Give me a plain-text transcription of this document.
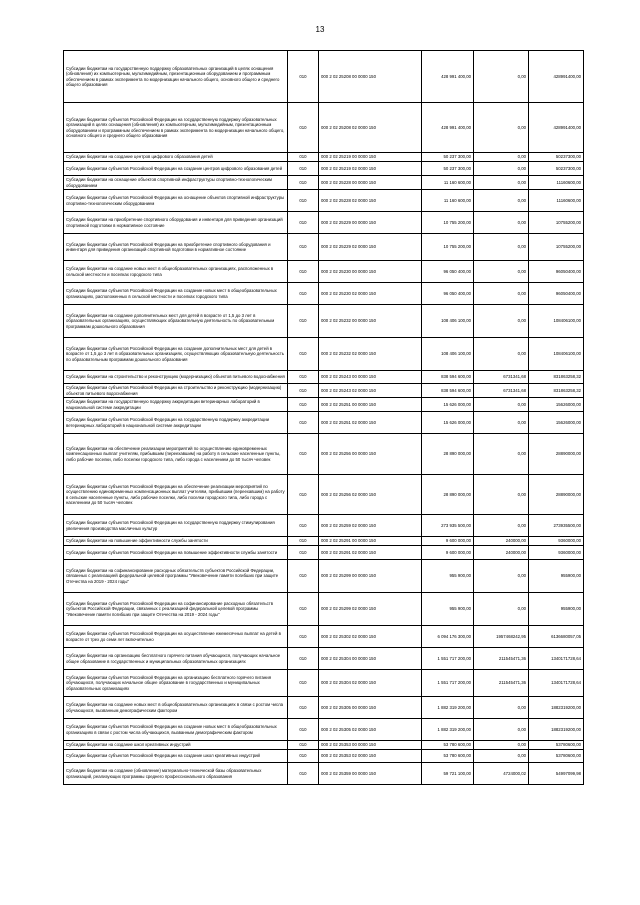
13
Субсидии бюджетам на государственную поддержку образовательных организаций в целях оснащения (обновления) их компьютерным, мультимедийным, презентационным оборудованием и программным обеспечением в рамках эксперимента по модернизации начального общего, основного общего и среднего общего образования	010	000 2 02 25208 00 0000 150	428 991 400,00	0,00	428991400,00
Субсидии бюджетам субъектов Российской Федерации на государственную поддержку образовательных организаций в целях оснащения (обновления) их компьютерным, мультимедийным, презентационным оборудованием и программным обеспечением в рамках эксперимента по модернизации начального общего, основного общего и среднего общего образования	010	000 2 02 25208 02 0000 150	428 991 400,00	0,00	428991400,00
Субсидии бюджетам на создание центров цифрового образования детей	010	000 2 02 25219 00 0000 150	50 237 300,00	0,00	50237300,00
Субсидии бюджетам субъектов Российской Федерации на создание центров цифрового образования детей	010	000 2 02 25219 02 0000 150	50 237 300,00	0,00	50237300,00
Субсидии бюджетам на оснащение объектов спортивной инфраструктуры спортивно-технологическим оборудованием	010	000 2 02 25228 00 0000 150	11 160 600,00	0,00	11160600,00
Субсидии бюджетам субъектов Российской Федерации на оснащение объектов спортивной инфраструктуры спортивно-технологическим оборудованием	010	000 2 02 25228 02 0000 150	11 160 600,00	0,00	11160600,00
Субсидии бюджетам на приобретение спортивного оборудования и инвентаря для приведения организаций спортивной подготовки в нормативное состояние	010	000 2 02 25229 00 0000 150	10 755 200,00	0,00	10755200,00
Субсидии бюджетам субъектов Российской Федерации на приобретение спортивного оборудования и инвентаря для приведения организаций спортивной подготовки в нормативное состояние	010	000 2 02 25229 02 0000 150	10 755 200,00	0,00	10755200,00
Субсидии бюджетам на создание новых мест в общеобразовательных организациях, расположенных в сельской местности и поселках городского типа	010	000 2 02 25230 00 0000 150	96 050 400,00	0,00	96050400,00
Субсидии бюджетам субъектов Российской Федерации на создание новых мест в общеобразовательных организациях, расположенных в сельской местности и поселках городского типа	010	000 2 02 25230 02 0000 150	96 050 400,00	0,00	96050400,00
Субсидии бюджетам на создание дополнительных мест для детей в возрасте от 1,5 до 3 лет в образовательных организациях, осуществляющих образовательную деятельность по образовательным программам дошкольного образования	010	000 2 02 25232 00 0000 150	108 406 100,00	0,00	108406100,00
Субсидии бюджетам субъектов Российской Федерации на создание дополнительных мест для детей в возрасте от 1,5 до 3 лет в образовательных организациях, осуществляющих образовательную деятельность по образовательным программам дошкольного образования	010	000 2 02 25232 02 0000 150	108 406 100,00	0,00	108406100,00
Субсидии бюджетам на строительство и реконструкцию (модернизацию) объектов питьевого водоснабжения	010	000 2 02 25243 00 0000 150	838 594 600,00	6731341,68	831863258,32
Субсидии бюджетам субъектов Российской Федерации на строительство и реконструкцию (модернизацию) объектов питьевого водоснабжения	010	000 2 02 25243 02 0000 150	838 594 600,00	6731341,68	831863258,32
Субсидии бюджетам на государственную поддержку аккредитации ветеринарных лабораторий в национальной системе аккредитации	010	000 2 02 25251 00 0000 150	15 626 000,00	0,00	15626000,00
Субсидии бюджетам субъектов Российской Федерации на государственную поддержку аккредитации ветеринарных лабораторий в национальной системе аккредитации	010	000 2 02 25251 02 0000 150	15 626 000,00	0,00	15626000,00
Субсидии бюджетам на обеспечение реализации мероприятий по осуществлению единовременных компенсационных выплат учителям, прибывшим (переехавшим) на работу в сельские населенные пункты, либо рабочие поселки, либо поселки городского типа, либо города с населением до 50 тысяч человек	010	000 2 02 25256 00 0000 150	28 890 000,00	0,00	28890000,00
Субсидии бюджетам субъектов Российской Федерации на обеспечение реализации мероприятий по осуществлению единовременных компенсационных выплат учителям, прибывшим (переехавшим) на работу в сельские населенные пункты, либо рабочие поселки, либо поселки городского типа, либо города с населением до 50 тысяч человек	010	000 2 02 25256 02 0000 150	28 890 000,00	0,00	28890000,00
Субсидии бюджетам субъектов Российской Федерации на государственную поддержку стимулирования увеличения производства масличных культур	010	000 2 02 25259 02 0000 150	273 935 500,00	0,00	273935500,00
Субсидии бюджетам на повышение эффективности службы занятости	010	000 2 02 25291 00 0000 150	9 600 000,00	240000,00	9360000,00
Субсидии бюджетам субъектов Российской Федерации на повышение эффективности службы занятости	010	000 2 02 25291 02 0000 150	9 600 000,00	240000,00	9360000,00
Субсидии бюджетам на софинансирование расходных обязательств субъектов Российской Федерации, связанных с реализацией федеральной целевой программы "Увековечение памяти погибших при защите Отечества на 2019 - 2024 годы"	010	000 2 02 25299 00 0000 150	955 900,00	0,00	955900,00
Субсидии бюджетам субъектов Российской Федерации на софинансирование расходных обязательств субъектов Российской Федерации, связанных с реализацией федеральной целевой программы "Увековечение памяти погибших при защите Отечества на 2019 - 2024 годы"	010	000 2 02 25299 02 0000 150	955 900,00	0,00	955900,00
Субсидии бюджетам субъектов Российской Федерации на осуществление ежемесячных выплат на детей в возрасте от трех до семи лет включительно	010	000 2 02 25302 02 0000 150	6 094 176 300,00	1957468242,95	6136680057,05
Субсидии бюджетам на организацию бесплатного горячего питания обучающихся, получающих начальное общее образование в государственных и муниципальных образовательных организациях	010	000 2 02 25304 00 0000 150	1 551 717 200,00	211545471,36	1340171728,64
Субсидии бюджетам субъектов Российской Федерации на организацию бесплатного горячего питания обучающихся, получающих начальное общее образование в государственных и муниципальных образовательных организациях	010	000 2 02 25304 02 0000 150	1 551 717 200,00	211545471,36	1340171728,64
Субсидии бюджетам на создание новых мест в общеобразовательных организациях в связи с ростом числа обучающихся, вызванным демографическим фактором	010	000 2 02 25305 00 0000 150	1 882 319 200,00	0,00	1882319200,00
Субсидии бюджетам субъектов Российской Федерации на создание новых мест в общеобразовательных организациях в связи с ростом числа обучающихся, вызванным демографическим фактором	010	000 2 02 25305 02 0000 150	1 882 319 200,00	0,00	1882319200,00
Субсидии бюджетам на создание школ креативных индустрий	010	000 2 02 25353 00 0000 150	53 780 600,00	0,00	53780600,00
Субсидии бюджетам субъектов Российской Федерации на создание школ креативных индустрий	010	000 2 02 25353 02 0000 150	53 780 600,00	0,00	53780600,00
Субсидии бюджетам на создание (обновление) материально-технической базы образовательных организаций, реализующих программы среднего профессионального образования	010	000 2 02 25359 00 0000 150	59 721 100,00	4724000,02	54997099,98
